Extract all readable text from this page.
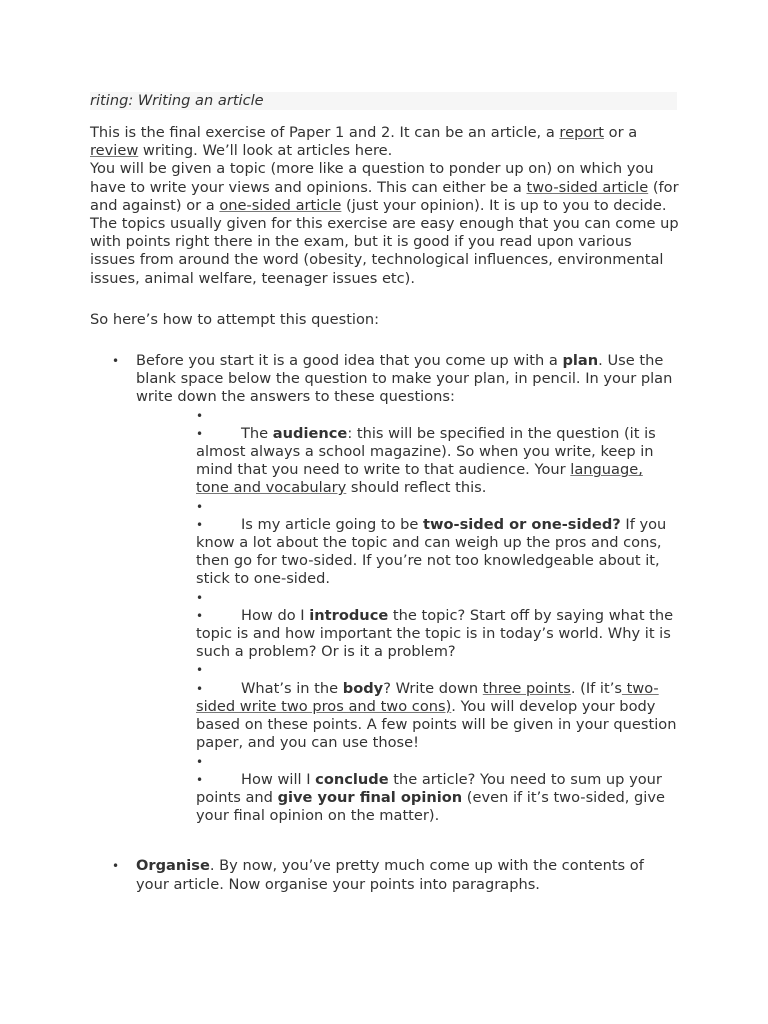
riting: Writing an article

This is the final exercise of Paper 1 and 2. It can be an article, a report or a review writing. We’ll look at articles here.

You will be given a topic (more like a question to ponder up on) on which you have to write your views and opinions. This can either be a two-sided article (for and against) or a one-sided article (just your opinion). It is up to you to decide.

The topics usually given for this exercise are easy enough that you can come up with points right there in the exam, but it is good if you read upon various issues from around the word (obesity, technological influences, environmental issues, animal welfare, teenager issues etc).

So here’s how to attempt this question:

• Before you start it is a good idea that you come up with a plan. Use the blank space below the question to make your plan, in pencil. In your plan write down the answers to these questions:
•
•	The audience: this will be specified in the question (it is almost always a school magazine). So when you write, keep in mind that you need to write to that audience. Your language, tone and vocabulary should reflect this.
•
•	Is my article going to be two-sided or one-sided? If you know a lot about the topic and can weigh up the pros and cons, then go for two-sided. If you’re not too knowledgeable about it, stick to one-sided.
•
•	How do I introduce the topic? Start off by saying what the topic is and how important the topic is in today’s world. Why it is such a problem? Or is it a problem?
•
•	What’s in the body? Write down three points. (If it’s two-sided write two pros and two cons). You will develop your body based on these points. A few points will be given in your question paper, and you can use those!
•
•	How will I conclude the article? You need to sum up your points and give your final opinion (even if it’s two-sided, give your final opinion on the matter).
• Organise. By now, you’ve pretty much come up with the contents of your article. Now organise your points into paragraphs.
